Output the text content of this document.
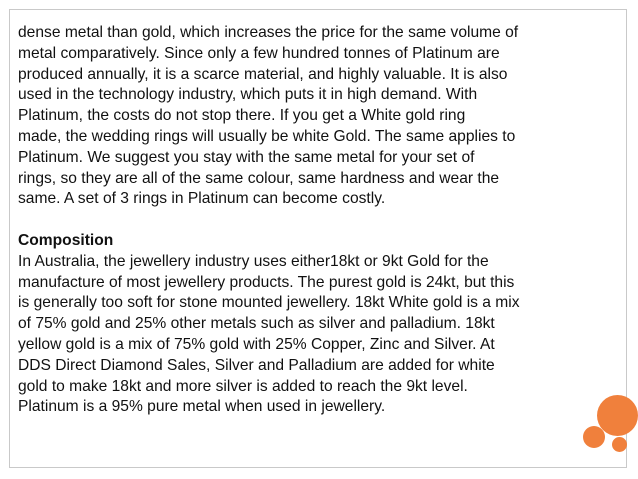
dense metal than gold, which increases the price for the same volume of
metal comparatively. Since only a few hundred tonnes of Platinum are
produced annually, it is a scarce material, and highly valuable. It is also
used in the technology industry, which puts it in high demand. With
Platinum, the costs do not stop there. If you get a White gold ring
made, the wedding rings will usually be white Gold. The same applies to
Platinum. We suggest you stay with the same metal for your set of
rings, so they are all of the same colour, same hardness and wear the
same. A set of 3 rings in Platinum can become costly.
Composition
In Australia, the jewellery industry uses either18kt or 9kt Gold for the
manufacture of most jewellery products. The purest gold is 24kt, but this
is generally too soft for stone mounted jewellery. 18kt White gold is a mix
of 75% gold and 25% other metals such as silver and palladium. 18kt
yellow gold is a mix of 75% gold with 25% Copper, Zinc and Silver. At
DDS Direct Diamond Sales, Silver and Palladium are added for white
gold to make 18kt and more silver is added to reach the 9kt level.
Platinum is a 95% pure metal when used in jewellery.
